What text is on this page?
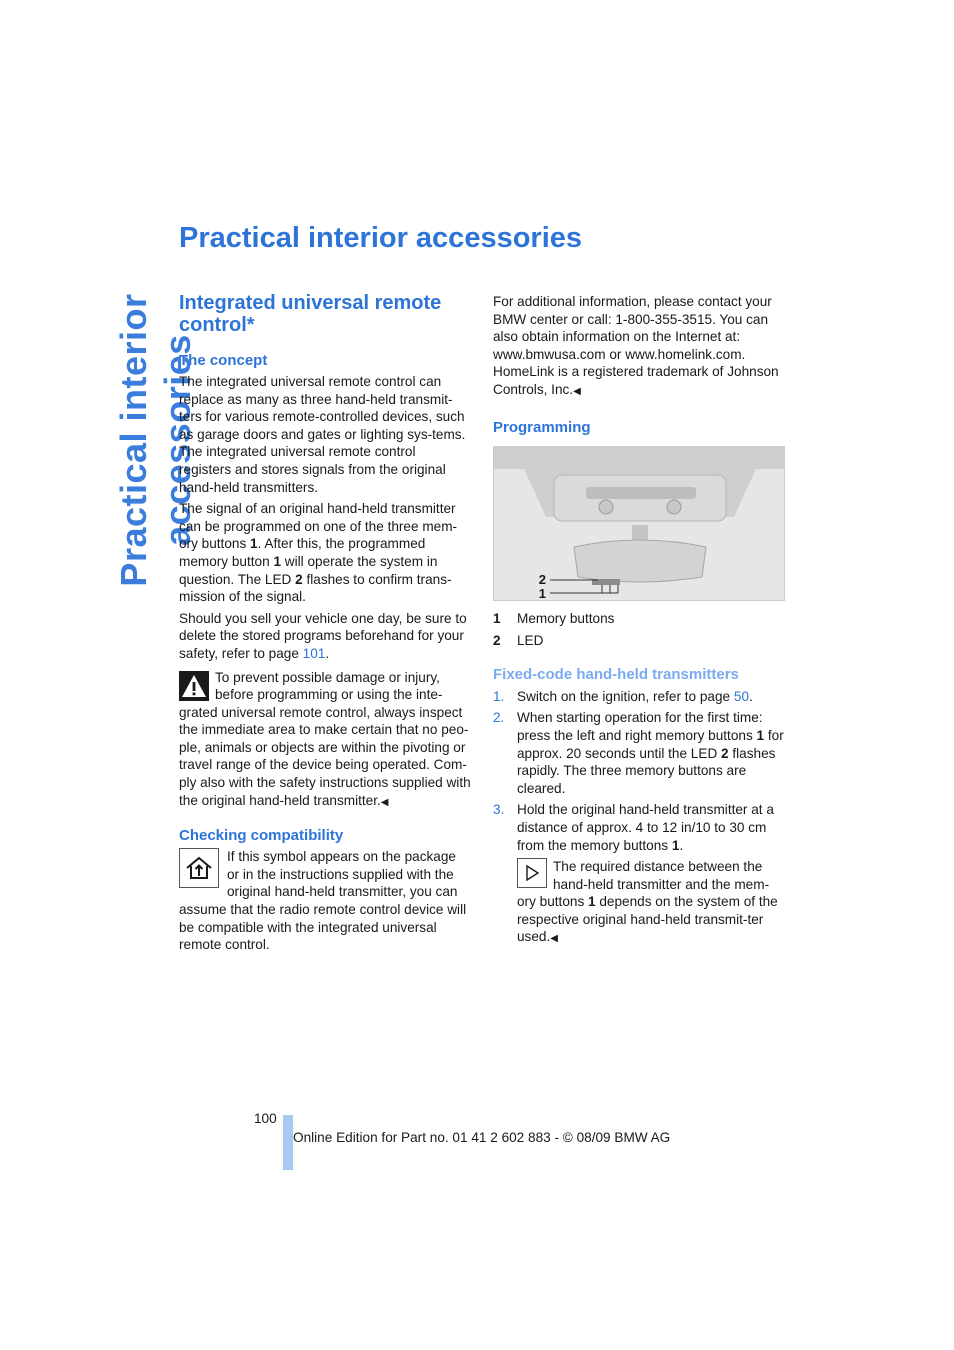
Practical interior accessories
Practical interior accessories
Integrated universal remote control*
The concept

The integrated universal remote control can replace as many as three hand-held transmit-ters for various remote-controlled devices, such as garage doors and gates or lighting sys-tems. The integrated universal remote control registers and stores signals from the original hand-held transmitters.

The signal of an original hand-held transmitter can be programmed on one of the three mem-ory buttons 1. After this, the programmed memory button 1 will operate the system in question. The LED 2 flashes to confirm trans-mission of the signal.

Should you sell your vehicle one day, be sure to delete the stored programs beforehand for your safety, refer to page 101.

To prevent possible damage or injury, before programming or using the inte-grated universal remote control, always inspect the immediate area to make certain that no peo-ple, animals or objects are within the pivoting or travel range of the device being operated. Com-ply also with the safety instructions supplied with the original hand-held transmitter.◀
Checking compatibility
If this symbol appears on the package or in the instructions supplied with the original hand-held transmitter, you can assume that the radio remote control device will be compatible with the integrated universal remote control.

For additional information, please contact your BMW center or call: 1-800-355-3515. You can also obtain information on the Internet at: www.bmwusa.com or www.homelink.com. HomeLink is a registered trademark of Johnson Controls, Inc.◀

Programming
2
1
1 Memory buttons
2 LED
Fixed-code hand-held transmitters
1. Switch on the ignition, refer to page 50.
2. When starting operation for the first time: press the left and right memory buttons 1 for approx. 20 seconds until the LED 2 flashes rapidly. The three memory buttons are cleared.
3. Hold the original hand-held transmitter at a distance of approx. 4 to 12 in/10 to 30 cm from the memory buttons 1.
The required distance between the hand-held transmitter and the mem-ory buttons 1 depends on the system of the respective original hand-held transmit-ter used.◀
100
Online Edition for Part no. 01 41 2 602 883 - © 08/09 BMW AG
